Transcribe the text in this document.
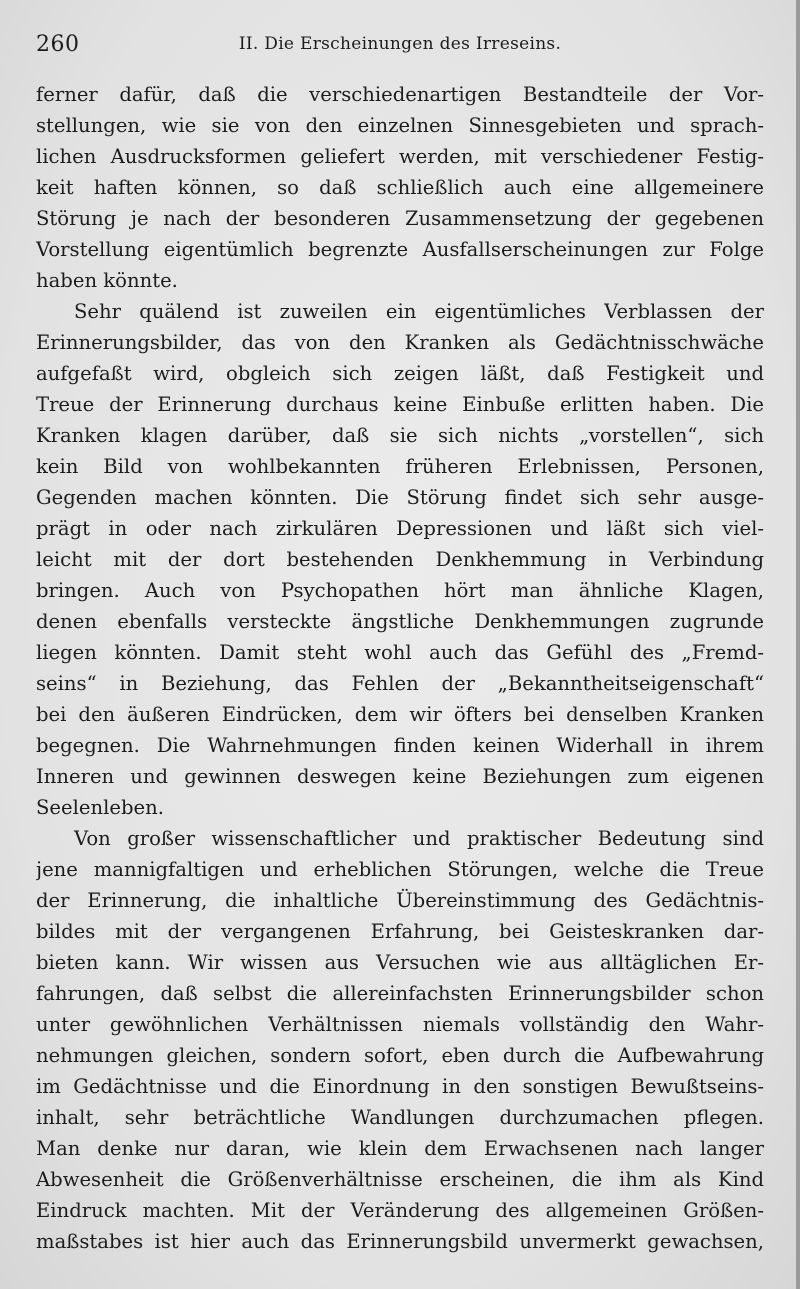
260	II. Die Erscheinungen des Irreseins.
ferner dafür, daß die verschiedenartigen Bestandteile der Vor-
stellungen, wie sie von den einzelnen Sinnesgebieten und sprach-
lichen Ausdrucksformen geliefert werden, mit verschiedener Festig-
keit haften können, so daß schließlich auch eine allgemeinere
Störung je nach der besonderen Zusammensetzung der gegebenen
Vorstellung eigentümlich begrenzte Ausfallserscheinungen zur Folge
haben könnte.
Sehr quälend ist zuweilen ein eigentümliches Verblassen der
Erinnerungsbilder, das von den Kranken als Gedächtnisschwäche
aufgefaßt wird, obgleich sich zeigen läßt, daß Festigkeit und
Treue der Erinnerung durchaus keine Einbuße erlitten haben. Die
Kranken klagen darüber, daß sie sich nichts „vorstellen“, sich
kein Bild von wohlbekannten früheren Erlebnissen, Personen,
Gegenden machen könnten. Die Störung findet sich sehr ausge-
prägt in oder nach zirkulären Depressionen und läßt sich viel-
leicht mit der dort bestehenden Denkhemmung in Verbindung
bringen. Auch von Psychopathen hört man ähnliche Klagen,
denen ebenfalls versteckte ängstliche Denkhemmungen zugrunde
liegen könnten. Damit steht wohl auch das Gefühl des „Fremd-
seins“ in Beziehung, das Fehlen der „Bekanntheitseigenschaft“
bei den äußeren Eindrücken, dem wir öfters bei denselben Kranken
begegnen. Die Wahrnehmungen finden keinen Widerhall in ihrem
Inneren und gewinnen deswegen keine Beziehungen zum eigenen
Seelenleben.
Von großer wissenschaftlicher und praktischer Bedeutung sind
jene mannigfaltigen und erheblichen Störungen, welche die Treue
der Erinnerung, die inhaltliche Übereinstimmung des Gedächtnis-
bildes mit der vergangenen Erfahrung, bei Geisteskranken dar-
bieten kann. Wir wissen aus Versuchen wie aus alltäglichen Er-
fahrungen, daß selbst die allereinfachsten Erinnerungsbilder schon
unter gewöhnlichen Verhältnissen niemals vollständig den Wahr-
nehmungen gleichen, sondern sofort, eben durch die Aufbewahrung
im Gedächtnisse und die Einordnung in den sonstigen Bewußtseins-
inhalt, sehr beträchtliche Wandlungen durchzumachen pflegen.
Man denke nur daran, wie klein dem Erwachsenen nach langer
Abwesenheit die Größenverhältnisse erscheinen, die ihm als Kind
Eindruck machten. Mit der Veränderung des allgemeinen Größen-
maßstabes ist hier auch das Erinnerungsbild unvermerkt gewachsen,
